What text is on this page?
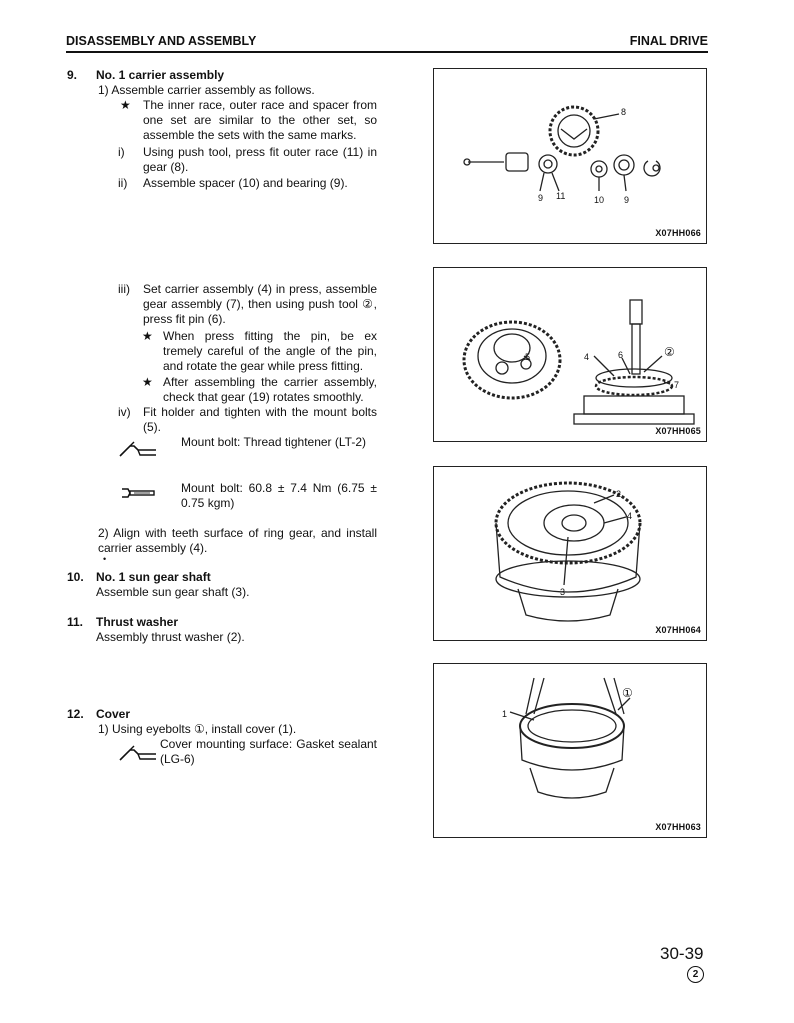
DISASSEMBLY AND ASSEMBLY	FINAL DRIVE
9. No. 1 carrier assembly
1) Assemble carrier assembly as follows.
★ The inner race, outer race and spacer from one set are similar to the other set, so assemble the sets with the same marks.
i) Using push tool, press fit outer race (11) in gear (8).
ii) Assemble spacer (10) and bearing (9).
iii) Set carrier assembly (4) in press, assemble gear assembly (7), then using push tool ②, press fit pin (6).
★ When press fitting the pin, be ex tremely careful of the angle of the pin, and rotate the gear while press fitting.
★ After assembling the carrier assembly, check that gear (19) rotates smoothly.
iv) Fit holder and tighten with the mount bolts (5).
Mount bolt: Thread tightener (LT-2)
Mount bolt: 60.8 ± 7.4 Nm (6.75 ± 0.75 kgm)
2) Align with teeth surface of ring gear, and install carrier assembly (4).
•
10. No. 1 sun gear shaft
Assemble sun gear shaft (3).
11. Thrust washer
Assembly thrust washer (2).
12. Cover
1) Using eyebolts ①, install cover (1).
Cover mounting surface: Gasket sealant (LG-6)
8
9 11	10 9
X07HH066
5	4	6	②
7
X07HH065
2
4
3
X07HH064
①
1
X07HH063
30-39
2
